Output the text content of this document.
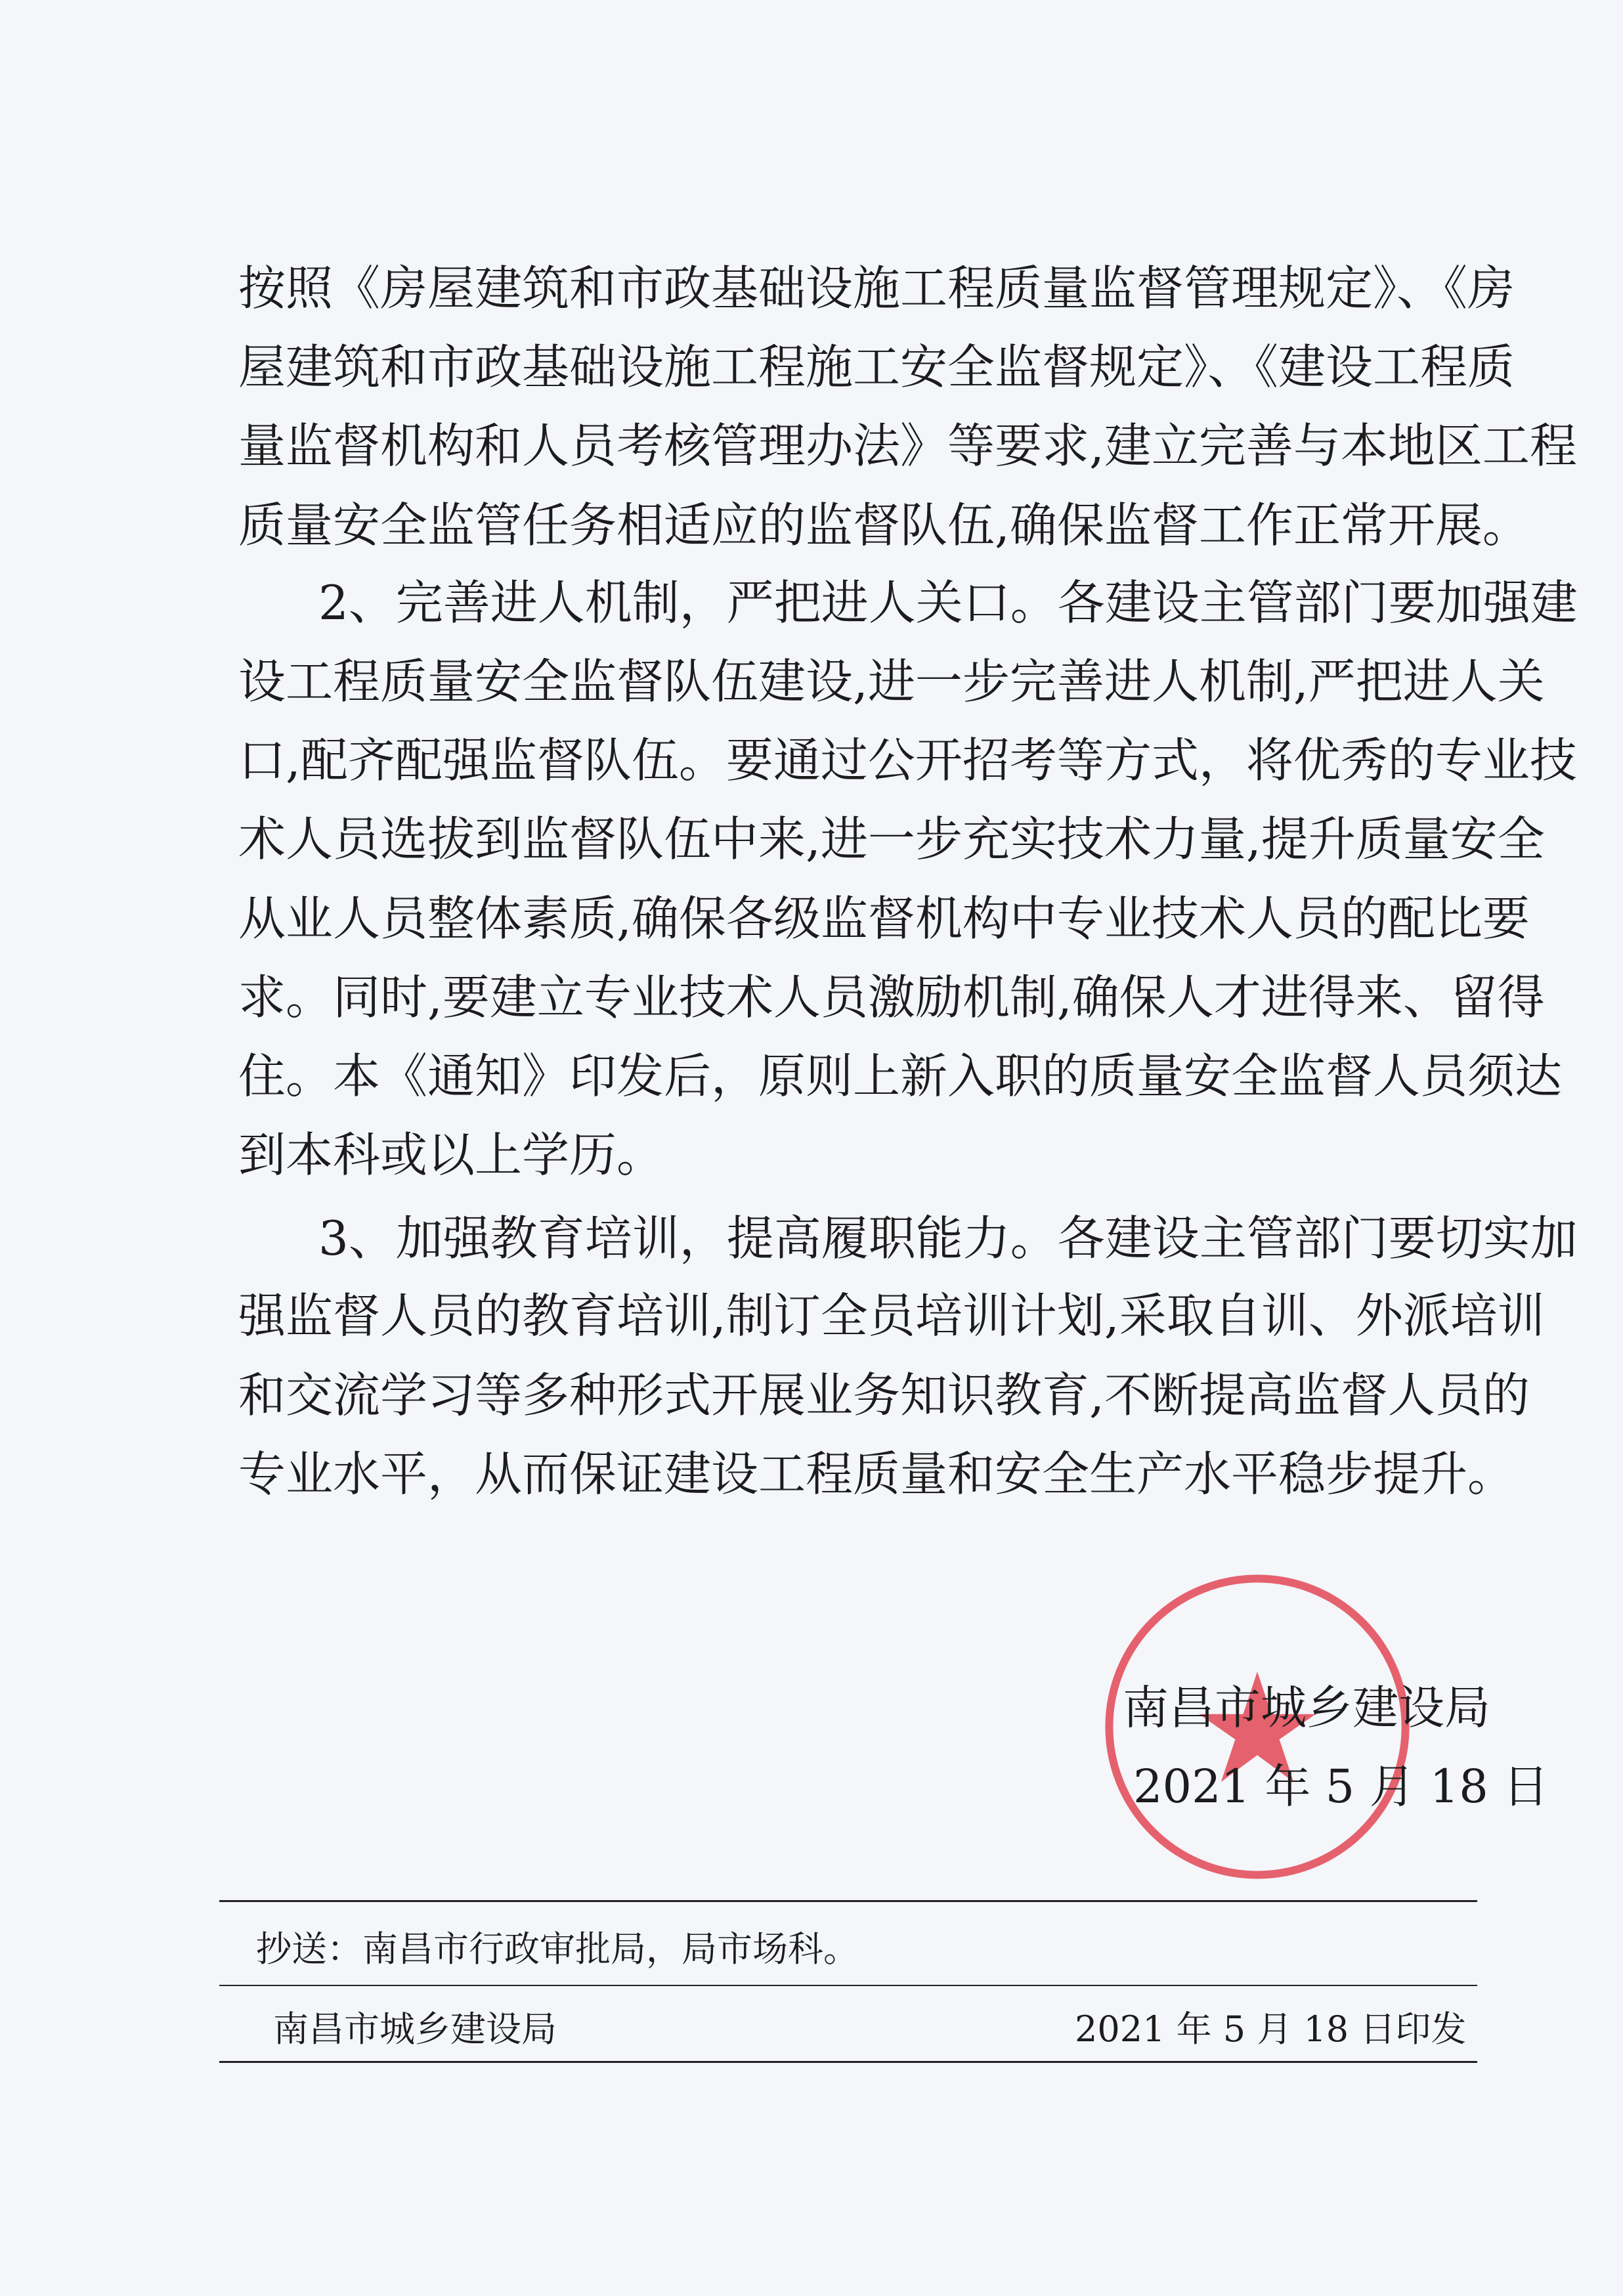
按照《房屋建筑和市政基础设施工程质量监督管理规定》、《房
屋建筑和市政基础设施工程施工安全监督规定》、《建设工程质
量监督机构和人员考核管理办法》等要求,建立完善与本地区工程
质量安全监管任务相适应的监督队伍,确保监督工作正常开展。
2、完善进人机制，严把进人关口。各建设主管部门要加强建
设工程质量安全监督队伍建设,进一步完善进人机制,严把进人关
口,配齐配强监督队伍。要通过公开招考等方式，将优秀的专业技
术人员选拔到监督队伍中来,进一步充实技术力量,提升质量安全
从业人员整体素质,确保各级监督机构中专业技术人员的配比要
求。同时,要建立专业技术人员激励机制,确保人才进得来、留得
住。本《通知》印发后，原则上新入职的质量安全监督人员须达
到本科或以上学历。
3、加强教育培训，提高履职能力。各建设主管部门要切实加
强监督人员的教育培训,制订全员培训计划,采取自训、外派培训
和交流学习等多种形式开展业务知识教育,不断提高监督人员的
专业水平，从而保证建设工程质量和安全生产水平稳步提升。
南昌市城乡建设局
2021 年 5 月 18 日
抄送：南昌市行政审批局，局市场科。
南昌市城乡建设局	2021 年 5 月 18 日印发
